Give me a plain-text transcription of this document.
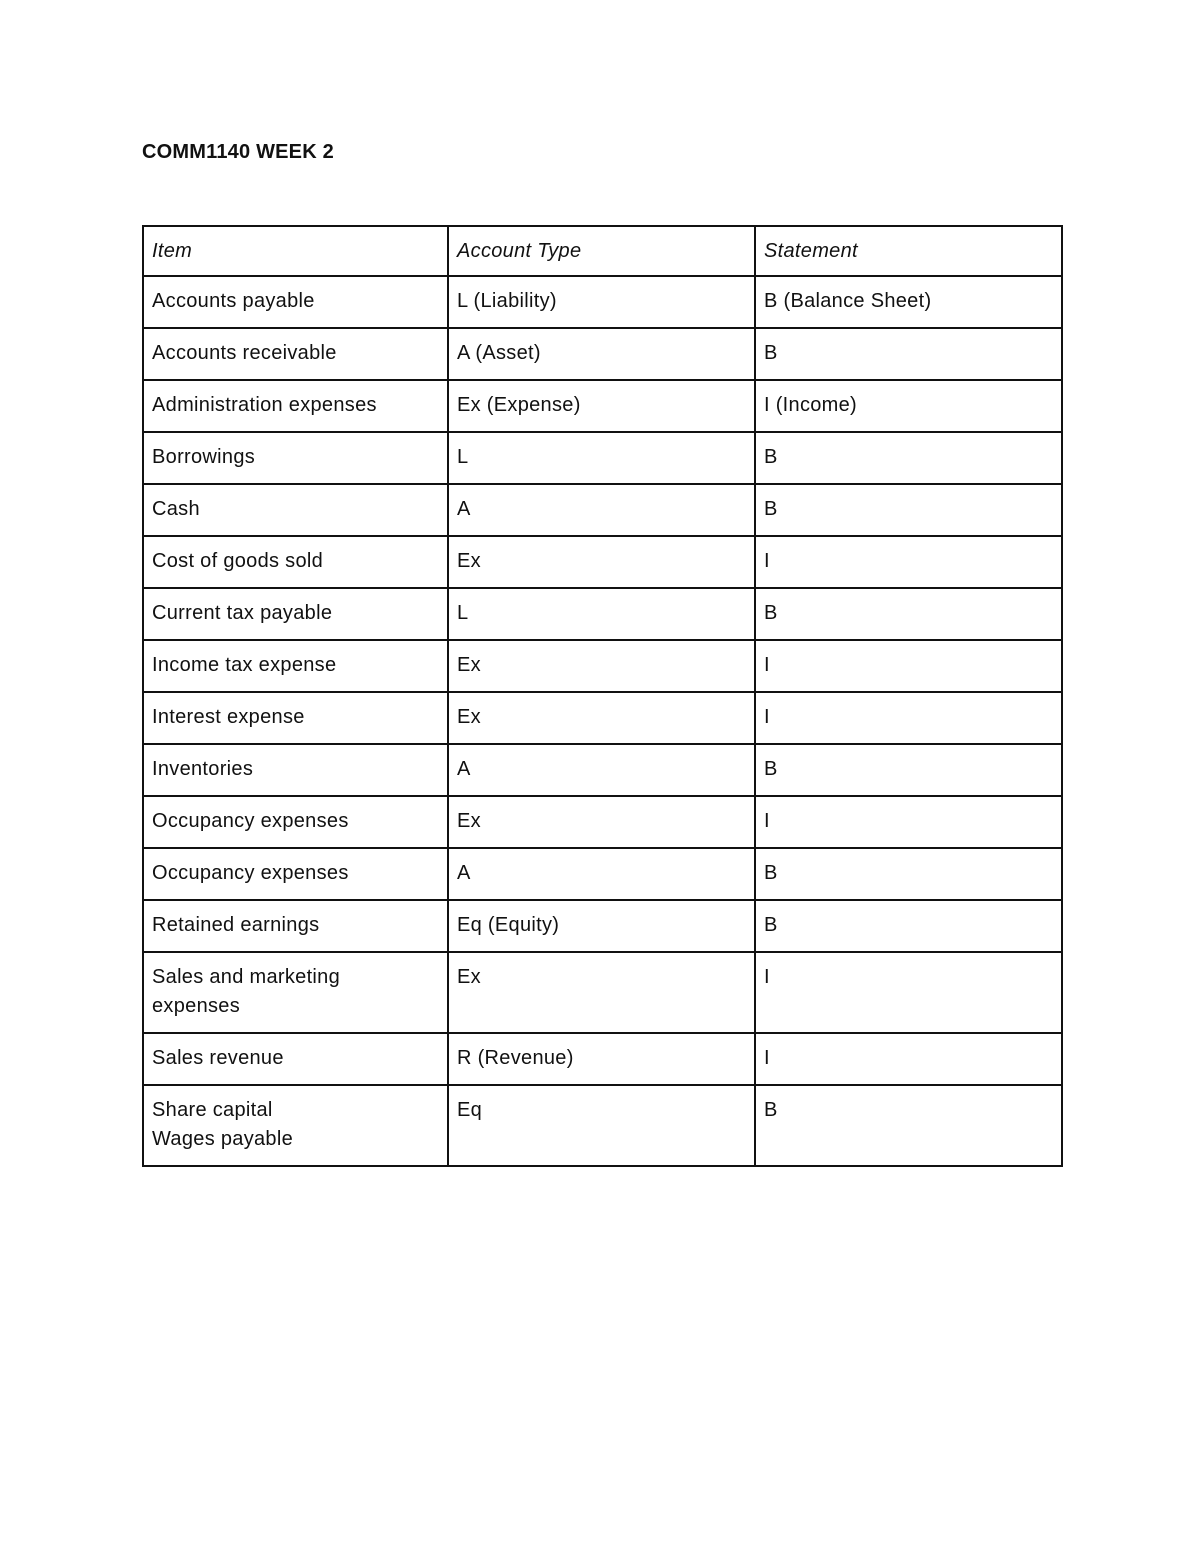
COMM1140 WEEK 2
Item	Account Type	Statement

Accounts payable	L (Liability)	B (Balance Sheet)

Accounts receivable	A (Asset)	B

Administration expenses	Ex (Expense)	I (Income)

Borrowings	L	B

Cash	A	B

Cost of goods sold	Ex	I

Current tax payable	L	B

Income tax expense	Ex	I

Interest expense	Ex	I

Inventories	A	B

Occupancy expenses	Ex	I

Occupancy expenses	A	B

Retained earnings	Eq (Equity)	B

Sales and marketing
expenses	Ex	I

Sales revenue	R (Revenue)	I

Share capital
Wages payable	Eq	B
